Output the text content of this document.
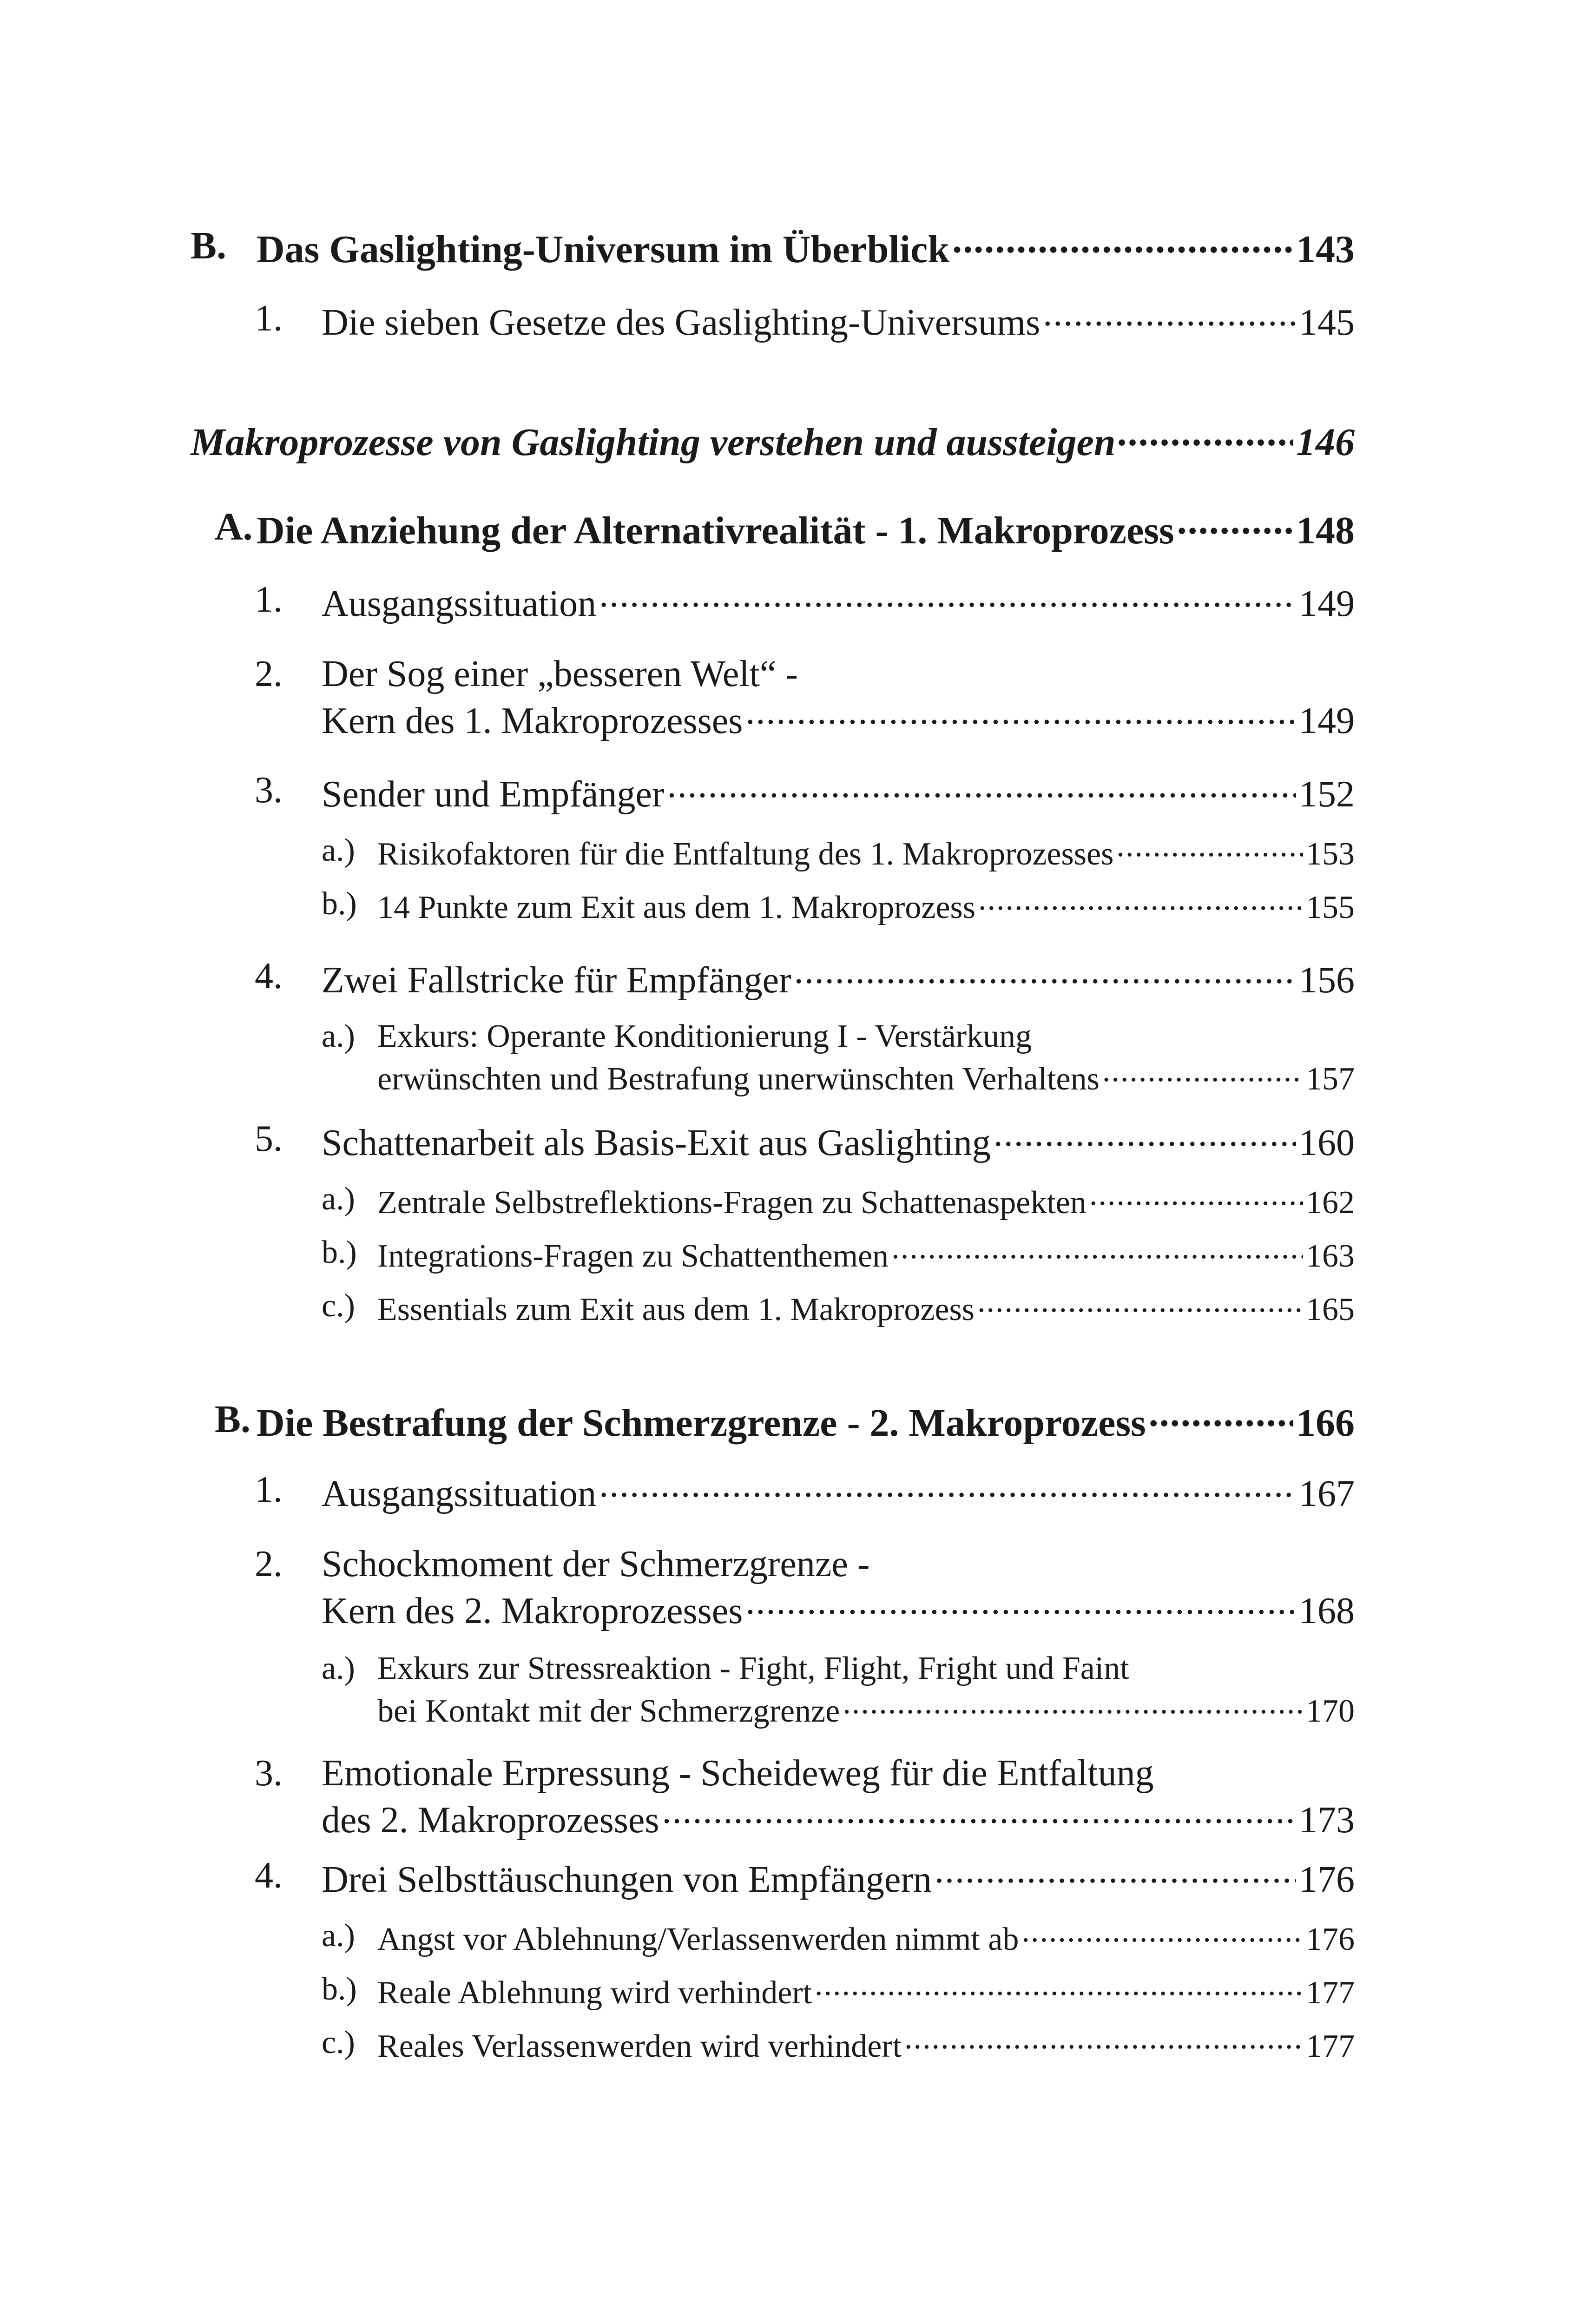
B. Das Gaslighting-Universum im Überblick .....	143
1. Die sieben Gesetze des Gaslighting-Universums .....	145
Makroprozesse von Gaslighting verstehen und aussteigen .....	146
A. Die Anziehung der Alternativrealität - 1. Makroprozess .....	148
1. Ausgangssituation .....	149
2. Der Sog einer „besseren Welt“ -
Kern des 1. Makroprozesses .....	149
3. Sender und Empfänger .....	152
a.) Risikofaktoren für die Entfaltung des 1. Makroprozesses .....	153
b.) 14 Punkte zum Exit aus dem 1. Makroprozess .....	155
4. Zwei Fallstricke für Empfänger .....	156
a.) Exkurs: Operante Konditionierung I - Verstärkung
erwünschten und Bestrafung unerwünschten Verhaltens .....	157
5. Schattenarbeit als Basis-Exit aus Gaslighting .....	160
a.) Zentrale Selbstreflektions-Fragen zu Schattenaspekten .....	162
b.) Integrations-Fragen zu Schattenthemen .....	163
c.) Essentials zum Exit aus dem 1. Makroprozess .....	165
B. Die Bestrafung der Schmerzgrenze - 2. Makroprozess .....	166
1. Ausgangssituation .....	167
2. Schockmoment der Schmerzgrenze -
Kern des 2. Makroprozesses .....	168
a.) Exkurs zur Stressreaktion - Fight, Flight, Fright und Faint
bei Kontakt mit der Schmerzgrenze .....	170
3. Emotionale Erpressung - Scheideweg für die Entfaltung
des 2. Makroprozesses .....	173
4. Drei Selbsttäuschungen von Empfängern .....	176
a.) Angst vor Ablehnung/Verlassenwerden nimmt ab .....	176
b.) Reale Ablehnung wird verhindert .....	177
c.) Reales Verlassenwerden wird verhindert .....	177
